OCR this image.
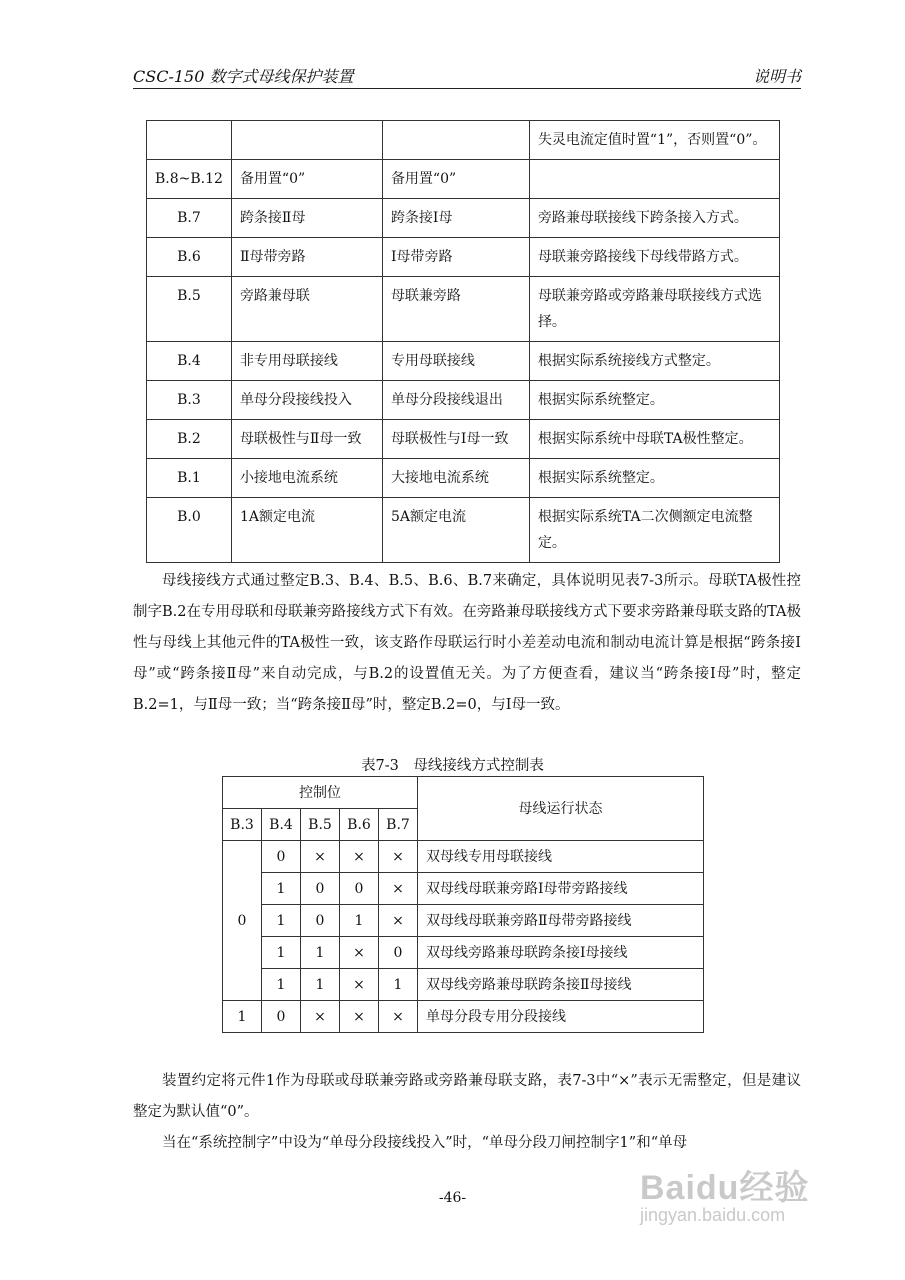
CSC-150 数字式母线保护装置	说明书
			失灵电流定值时置“1”，否则置“0”。
B.8~B.12	备用置“0”	备用置“0”	
B.7	跨条接Ⅱ母	跨条接Ⅰ母	旁路兼母联接线下跨条接入方式。
B.6	Ⅱ母带旁路	Ⅰ母带旁路	母联兼旁路接线下母线带路方式。
B.5	旁路兼母联	母联兼旁路	母联兼旁路或旁路兼母联接线方式选择。
B.4	非专用母联接线	专用母联接线	根据实际系统接线方式整定。
B.3	单母分段接线投入	单母分段接线退出	根据实际系统整定。
B.2	母联极性与Ⅱ母一致	母联极性与Ⅰ母一致	根据实际系统中母联TA极性整定。
B.1	小接地电流系统	大接地电流系统	根据实际系统整定。
B.0	1A额定电流	5A额定电流	根据实际系统TA二次侧额定电流整定。
母线接线方式通过整定B.3、B.4、B.5、B.6、B.7来确定，具体说明见表7-3所示。母联TA极性控制字B.2在专用母联和母联兼旁路接线方式下有效。在旁路兼母联接线方式下要求旁路兼母联支路的TA极性与母线上其他元件的TA极性一致，该支路作母联运行时小差差动电流和制动电流计算是根据“跨条接Ⅰ母”或“跨条接Ⅱ母”来自动完成，与B.2的设置值无关。为了方便查看，建议当“跨条接Ⅰ母”时，整定B.2=1，与Ⅱ母一致；当“跨条接Ⅱ母”时，整定B.2=0，与Ⅰ母一致。
表7-3　母线接线方式控制表
控制位					母线运行状态
B.3	B.4	B.5	B.6	B.7	
0	0	×	×	×	双母线专用母联接线
	1	0	0	×	双母线母联兼旁路Ⅰ母带旁路接线
	1	0	1	×	双母线母联兼旁路Ⅱ母带旁路接线
	1	1	×	0	双母线旁路兼母联跨条接Ⅰ母接线
	1	1	×	1	双母线旁路兼母联跨条接Ⅱ母接线
1	0	×	×	×	单母分段专用分段接线
装置约定将元件1作为母联或母联兼旁路或旁路兼母联支路，表7-3中“×”表示无需整定，但是建议整定为默认值“0”。
当在“系统控制字”中设为“单母分段接线投入”时，“单母分段刀闸控制字1”和“单母
-46-	Baidu经验
jingyan.baidu.com
